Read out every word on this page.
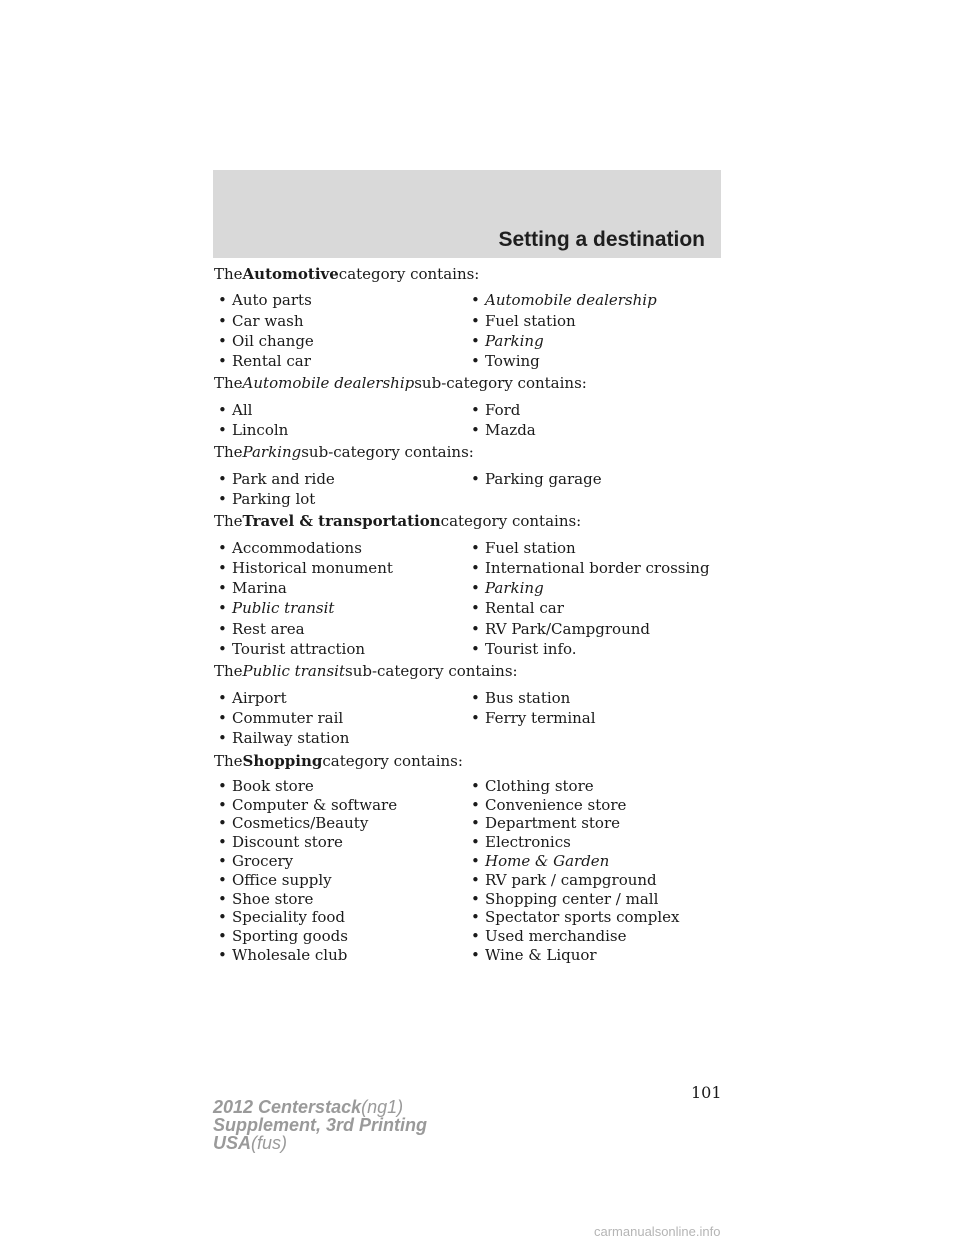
Setting a destination

TheAutomotivecategory contains:

• Auto parts	• Automobile dealership
• Car wash	• Fuel station
• Oil change	• Parking
• Rental car	• Towing

TheAutomobile dealershipsub-category contains:

• All	• Ford
• Lincoln	• Mazda

TheParkingsub-category contains:

• Park and ride	• Parking garage
• Parking lot

TheTravel & transportationcategory contains:

• Accommodations	• Fuel station
• Historical monument	• International border crossing
• Marina	• Parking
• Public transit	• Rental car
• Rest area	• RV Park/Campground
• Tourist attraction	• Tourist info.

ThePublic transitsub-category contains:

• Airport	• Bus station
• Commuter rail	• Ferry terminal
• Railway station

TheShoppingcategory contains:

• Book store	• Clothing store
• Computer & software	• Convenience store
• Cosmetics/Beauty	• Department store
• Discount store	• Electronics
• Grocery	• Home & Garden
• Office supply	• RV park / campground
• Shoe store	• Shopping center / mall
• Speciality food	• Spectator sports complex
• Sporting goods	• Used merchandise
• Wholesale club	• Wine & Liquor
101
2012 Centerstack(ng1)
Supplement, 3rd Printing
USA(fus)
carmanualsonline.info
